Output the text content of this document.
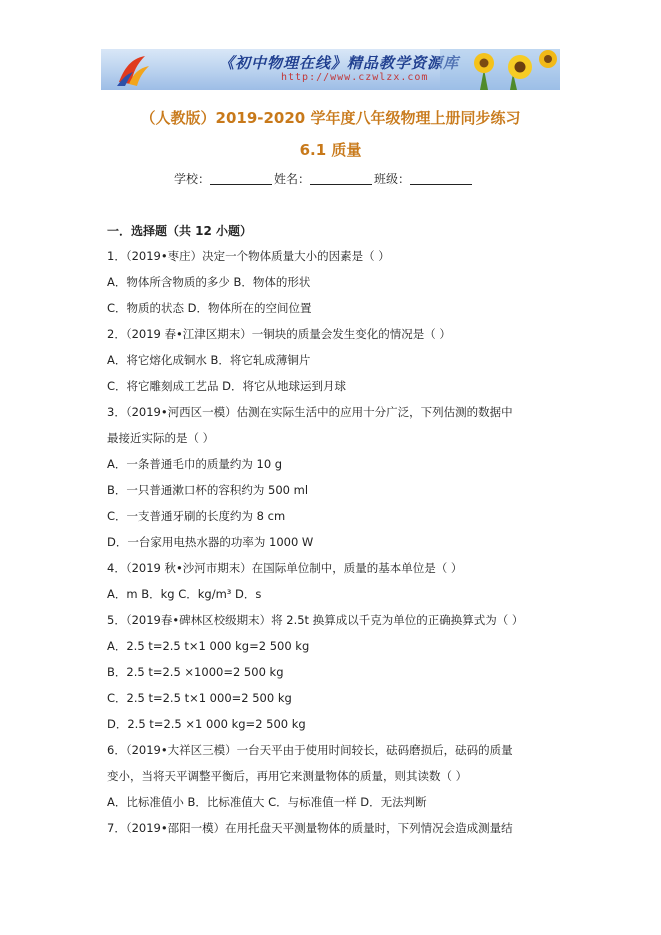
《初中物理在线》精品教学资源库
http://www.czwlzx.com
（人教版）2019-2020 学年度八年级物理上册同步练习
6.1 质量
学校：	姓名：	班级：
一．选择题（共 12 小题）
1．（2019•枣庄）决定一个物体质量大小的因素是（ ）
A．物体所含物质的多少 B．物体的形状
C．物质的状态 D．物体所在的空间位置
2．（2019 春•江津区期末）一铜块的质量会发生变化的情况是（ ）
A．将它熔化成铜水 B．将它轧成薄铜片
C．将它雕刻成工艺品 D．将它从地球运到月球
3．（2019•河西区一模）估测在实际生活中的应用十分广泛，下列估测的数据中
最接近实际的是（ ）
A．一条普通毛巾的质量约为 10 g
B．一只普通漱口杯的容积约为 500 ml
C．一支普通牙刷的长度约为 8 cm
D．一台家用电热水器的功率为 1000 W
4．（2019 秋•沙河市期末）在国际单位制中，质量的基本单位是（ ）
A．m B．kg C．kg/m³ D．s
5．（2019春•碑林区校级期末）将 2.5t 换算成以千克为单位的正确换算式为（ ）
A．2.5 t=2.5 t×1 000 kg=2 500 kg
B．2.5 t=2.5 ×1000=2 500 kg
C．2.5 t=2.5 t×1 000=2 500 kg
D．2.5 t=2.5 ×1 000 kg=2 500 kg
6．（2019•大祥区三模）一台天平由于使用时间较长，砝码磨损后，砝码的质量
变小，当将天平调整平衡后，再用它来测量物体的质量，则其读数（ ）
A．比标准值小 B．比标准值大 C．与标准值一样 D．无法判断
7．（2019•邵阳一模）在用托盘天平测量物体的质量时，下列情况会造成测量结
